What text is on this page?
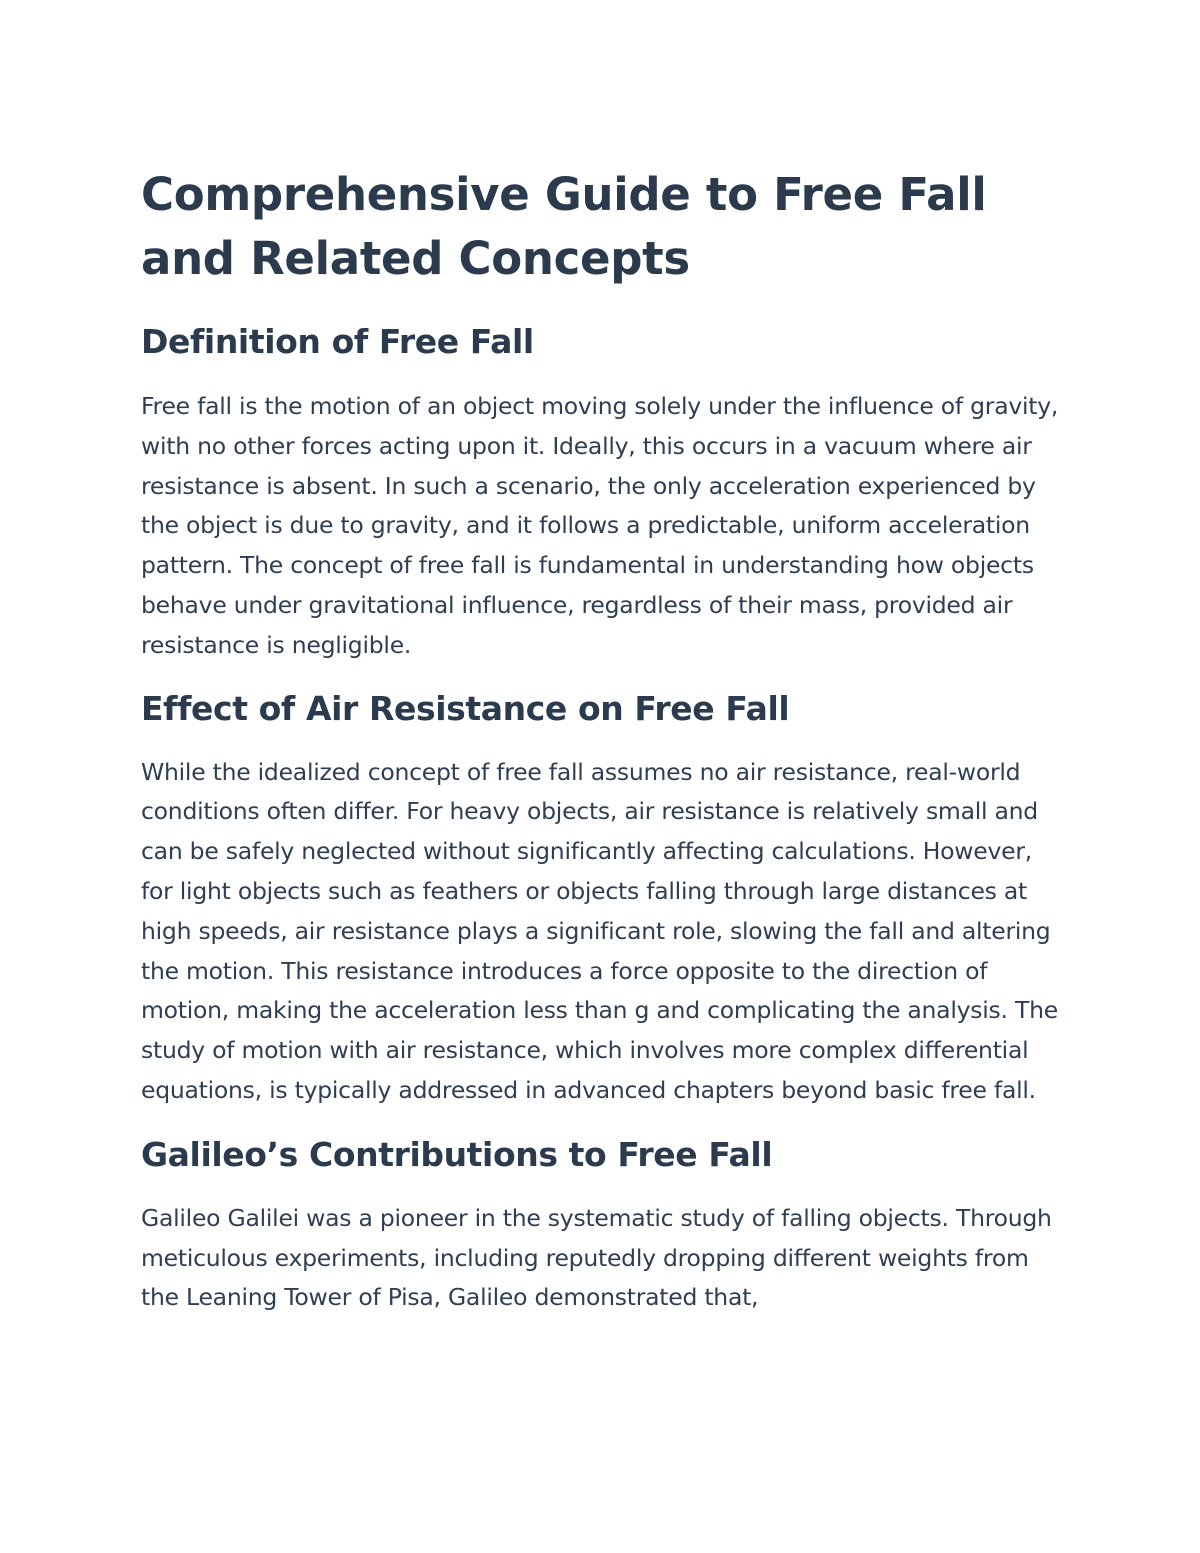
Comprehensive Guide to Free Fall and Related Concepts
Definition of Free Fall

Free fall is the motion of an object moving solely under the influence of gravity, with no other forces acting upon it. Ideally, this occurs in a vacuum where air resistance is absent. In such a scenario, the only acceleration experienced by the object is due to gravity, and it follows a predictable, uniform acceleration pattern. The concept of free fall is fundamental in understanding how objects behave under gravitational influence, regardless of their mass, provided air resistance is negligible.

Effect of Air Resistance on Free Fall

While the idealized concept of free fall assumes no air resistance, real-world conditions often differ. For heavy objects, air resistance is relatively small and can be safely neglected without significantly affecting calculations. However, for light objects such as feathers or objects falling through large distances at high speeds, air resistance plays a significant role, slowing the fall and altering the motion. This resistance introduces a force opposite to the direction of motion, making the acceleration less than g and complicating the analysis. The study of motion with air resistance, which involves more complex differential equations, is typically addressed in advanced chapters beyond basic free fall.

Galileo’s Contributions to Free Fall

Galileo Galilei was a pioneer in the systematic study of falling objects. Through meticulous experiments, including reputedly dropping different weights from the Leaning Tower of Pisa, Galileo demonstrated that,
